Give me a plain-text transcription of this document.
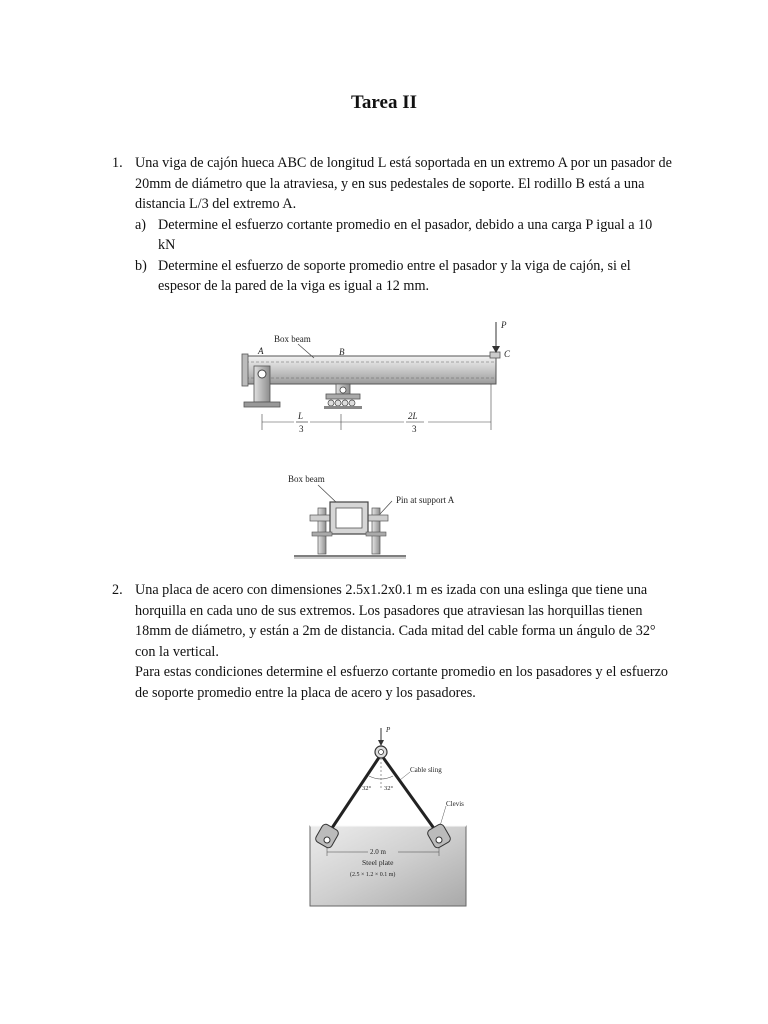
Tarea II
1. Una viga de cajón hueca ABC de longitud L está soportada en un extremo A por un pasador de 20mm de diámetro que la atraviesa, y en sus pedestales de soporte. El rodillo B está a una distancia L/3 del extremo A.
a) Determine el esfuerzo cortante promedio en el pasador, debido a una carga P igual a 10 kN
b) Determine el esfuerzo de soporte promedio entre el pasador y la viga de cajón, si el espesor de la pared de la viga es igual a 12 mm.
Box beam
A	B	C
P
L
3
2L
3
Box beam
Pin at support A
2. Una placa de acero con dimensiones 2.5x1.2x0.1 m es izada con una eslinga que tiene una horquilla en cada uno de sus extremos. Los pasadores que atraviesan las horquillas tienen 18mm de diámetro, y están a 2m de distancia. Cada mitad del cable forma un ángulo de 32° con la vertical.
Para estas condiciones determine el esfuerzo cortante promedio en los pasadores y el esfuerzo de soporte promedio entre la placa de acero y los pasadores.
P
32° 32°
Cable sling
Clevis
2.0 m
Steel plate
(2.5 × 1.2 × 0.1 m)
